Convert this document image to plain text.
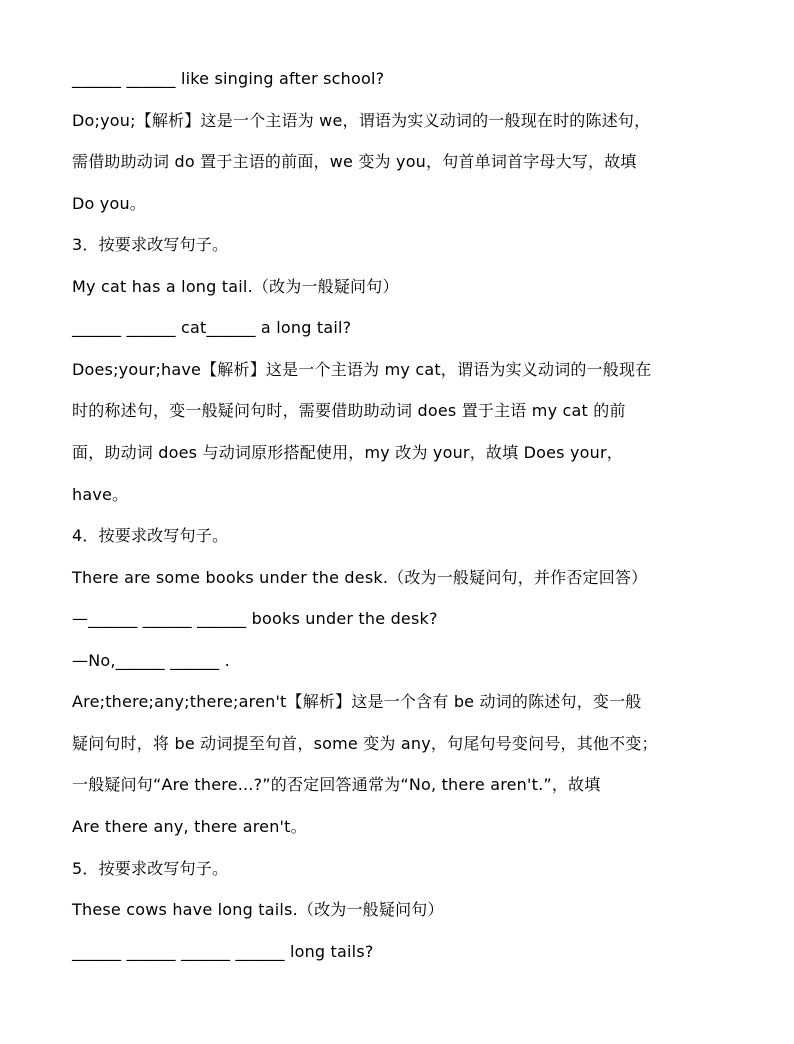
______ ______ like singing after school?
Do;you;【解析】这是一个主语为 we，谓语为实义动词的一般现在时的陈述句，
需借助助动词 do 置于主语的前面，we 变为 you，句首单词首字母大写，故填
Do you。
3．按要求改写句子。
My cat has a long tail.（改为一般疑问句）
______ ______ cat______ a long tail?
Does;your;have【解析】这是一个主语为 my cat，谓语为实义动词的一般现在
时的称述句，变一般疑问句时，需要借助助动词 does 置于主语 my cat 的前
面，助动词 does 与动词原形搭配使用，my 改为 your，故填 Does your，
have。
4．按要求改写句子。
There are some books under the desk.（改为一般疑问句，并作否定回答）
—______ ______ ______ books under the desk?
—No,______ ______ .
Are;there;any;there;aren't【解析】这是一个含有 be 动词的陈述句，变一般
疑问句时，将 be 动词提至句首，some 变为 any，句尾句号变问号，其他不变；
一般疑问句“Are there...?”的否定回答通常为“No, there aren't.”，故填
Are there any, there aren't。
5．按要求改写句子。
These cows have long tails.（改为一般疑问句）
______ ______ ______ ______ long tails?
